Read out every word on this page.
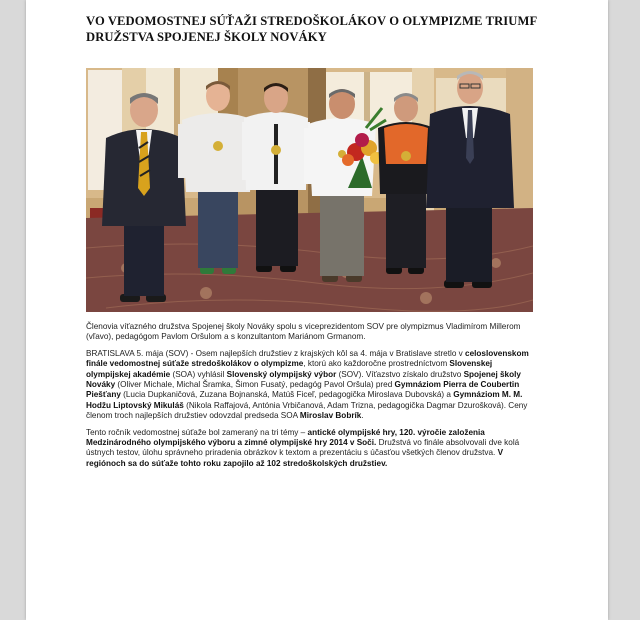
VO VEDOMOSTNEJ SÚŤAŽI STREDOŠKOLÁKOV O OLYMPIZME TRIUMF DRUŽSTVA SPOJENEJ ŠKOLY NOVÁKY

Členovia víťazného družstva Spojenej školy Nováky spolu s viceprezidentom SOV pre olympizmus Vladimírom Millerom (vľavo), pedagógom Pavlom Oršulom a s konzultantom Mariánom Grmanom.

BRATISLAVA 5. mája (SOV) - Osem najlepších družstiev z krajských kôl sa 4. mája v Bratislave stretlo v celoslovenskom finále vedomostnej súťaže stredoškolákov o olympizme, ktorú ako každoročne prostredníctvom Slovenskej olympijskej akadémie (SOA) vyhlásil Slovenský olympijský výbor (SOV). Víťazstvo získalo družstvo Spojenej školy Nováky (Oliver Michale, Michal Šramka, Šimon Fusatý, pedagóg Pavol Oršula) pred Gymnáziom Pierra de Coubertin Piešťany (Lucia Dupkaničová, Zuzana Bojnanská, Matúš Ficeľ, pedagogička Miroslava Dubovská) a Gymnáziom M. M. Hodžu Liptovský Mikuláš (Nikola Raffajová, Antónia Vrbičanová, Adam Trizna, pedagogička Dagmar Dzurošková). Ceny členom troch najlepších družstiev odovzdal predseda SOA Miroslav Bobrík.

Tento ročník vedomostnej súťaže bol zameraný na tri témy – antické olympijské hry, 120. výročie založenia Medzinárodného olympijského výboru a zimné olympijské hry 2014 v Soči. Družstvá vo finále absolvovali dve kolá ústnych testov, úlohu správneho priradenia obrázkov k textom a prezentáciu s účasťou všetkých členov družstva. V regiónoch sa do súťaže tohto roku zapojilo až 102 stredoškolských družstiev.
